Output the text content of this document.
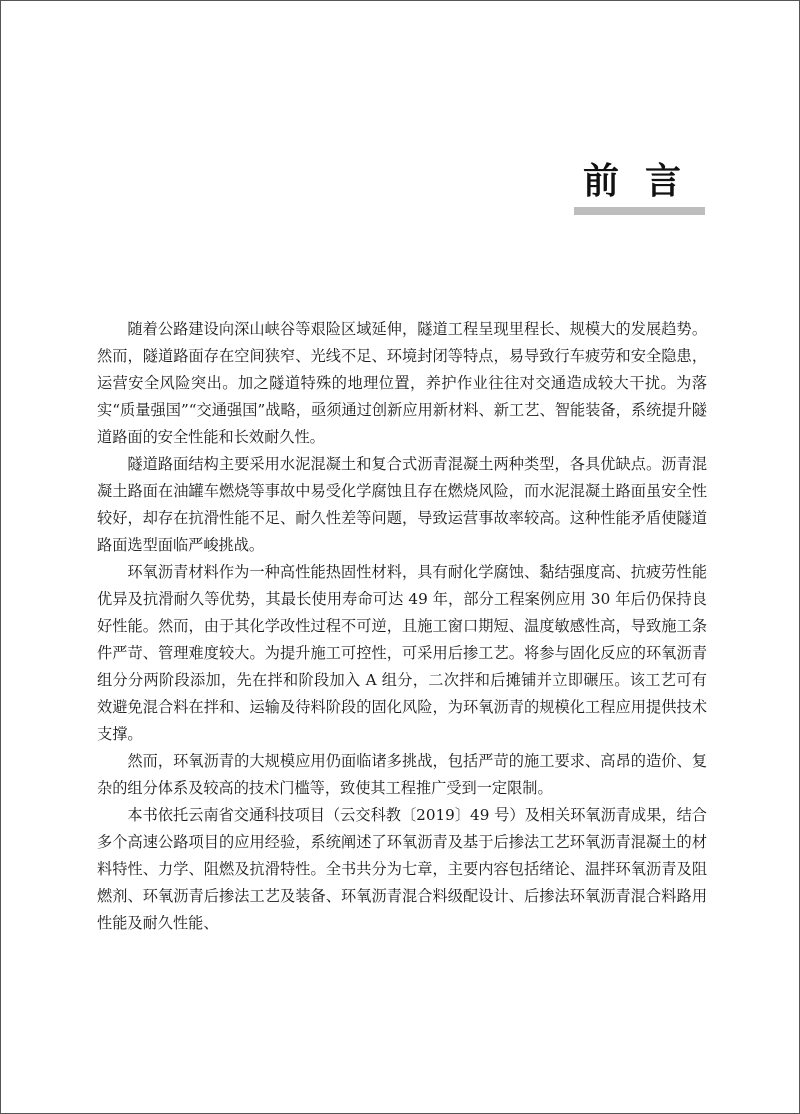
前言

随着公路建设向深山峡谷等艰险区域延伸，隧道工程呈现里程长、规模大的发展趋势。然而，隧道路面存在空间狭窄、光线不足、环境封闭等特点，易导致行车疲劳和安全隐患，运营安全风险突出。加之隧道特殊的地理位置，养护作业往往对交通造成较大干扰。为落实“质量强国”“交通强国”战略，亟须通过创新应用新材料、新工艺、智能装备，系统提升隧道路面的安全性能和长效耐久性。

隧道路面结构主要采用水泥混凝土和复合式沥青混凝土两种类型，各具优缺点。沥青混凝土路面在油罐车燃烧等事故中易受化学腐蚀且存在燃烧风险，而水泥混凝土路面虽安全性较好，却存在抗滑性能不足、耐久性差等问题，导致运营事故率较高。这种性能矛盾使隧道路面选型面临严峻挑战。

环氧沥青材料作为一种高性能热固性材料，具有耐化学腐蚀、黏结强度高、抗疲劳性能优异及抗滑耐久等优势，其最长使用寿命可达 49 年，部分工程案例应用 30 年后仍保持良好性能。然而，由于其化学改性过程不可逆，且施工窗口期短、温度敏感性高，导致施工条件严苛、管理难度较大。为提升施工可控性，可采用后掺工艺。将参与固化反应的环氧沥青组分分两阶段添加，先在拌和阶段加入 A 组分，二次拌和后摊铺并立即碾压。该工艺可有效避免混合料在拌和、运输及待料阶段的固化风险，为环氧沥青的规模化工程应用提供技术支撑。

然而，环氧沥青的大规模应用仍面临诸多挑战，包括严苛的施工要求、高昂的造价、复杂的组分体系及较高的技术门槛等，致使其工程推广受到一定限制。

本书依托云南省交通科技项目（云交科教〔2019〕49 号）及相关环氧沥青成果，结合多个高速公路项目的应用经验，系统阐述了环氧沥青及基于后掺法工艺环氧沥青混凝土的材料特性、力学、阻燃及抗滑特性。全书共分为七章，主要内容包括绪论、温拌环氧沥青及阻燃剂、环氧沥青后掺法工艺及装备、环氧沥青混合料级配设计、后掺法环氧沥青混合料路用性能及耐久性能、
